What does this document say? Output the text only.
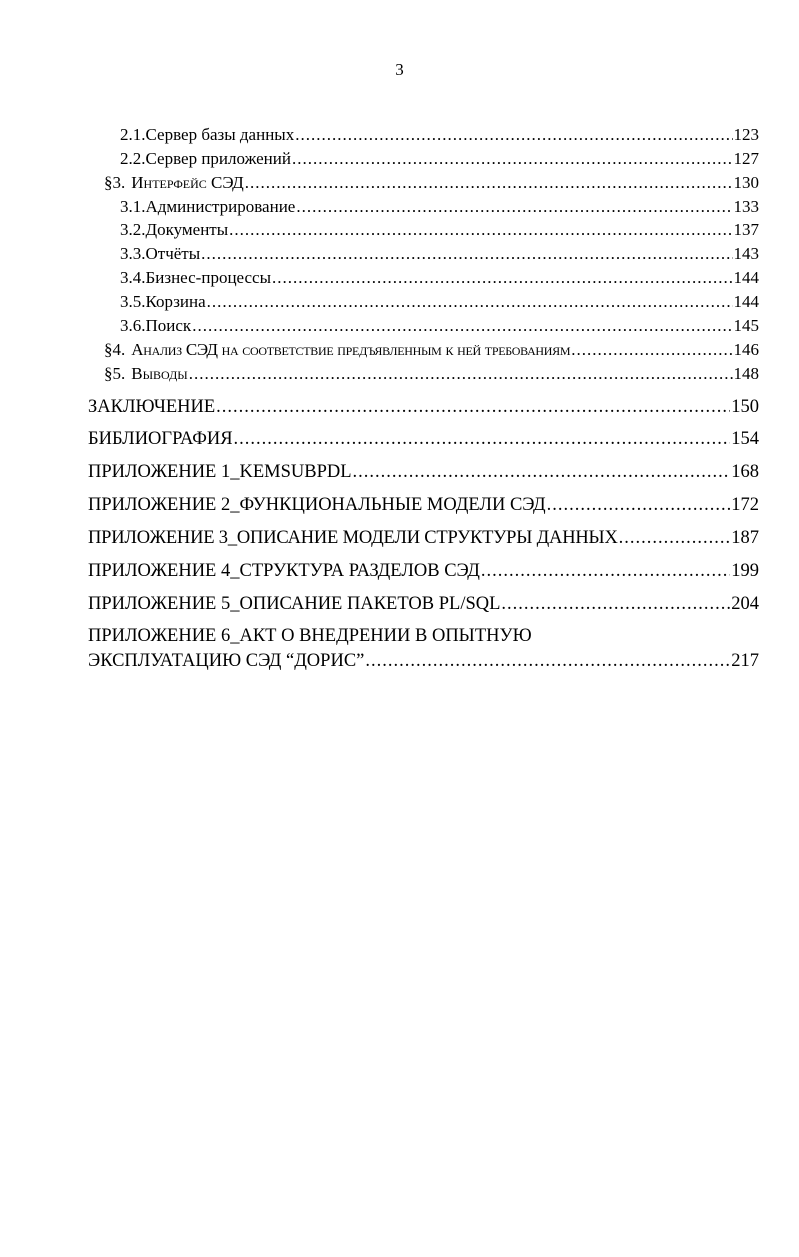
3
2.1. Сервер базы данных .....	123
2.2. Сервер приложений .....	127
§3. Интерфейс СЭД .....	130
3.1. Администрирование .....	133
3.2. Документы .....	137
3.3. Отчёты .....	143
3.4. Бизнес-процессы .....	144
3.5. Корзина .....	144
3.6. Поиск .....	145
§4. Анализ СЭД на соответствие предъявленным к ней требованиям .....	146
§5. Выводы .....	148
ЗАКЛЮЧЕНИЕ .....	150
БИБЛИОГРАФИЯ .....	154
ПРИЛОЖЕНИЕ 1_KEMSUBPDL .....	168
ПРИЛОЖЕНИЕ 2_ФУНКЦИОНАЛЬНЫЕ МОДЕЛИ СЭД .....	172
ПРИЛОЖЕНИЕ 3_ОПИСАНИЕ МОДЕЛИ СТРУКТУРЫ ДАННЫХ .....	187
ПРИЛОЖЕНИЕ 4_СТРУКТУРА РАЗДЕЛОВ СЭД .....	199
ПРИЛОЖЕНИЕ 5_ОПИСАНИЕ ПАКЕТОВ PL/SQL .....	204
ПРИЛОЖЕНИЕ 6_АКТ О ВНЕДРЕНИИ В ОПЫТНУЮ
ЭКСПЛУАТАЦИЮ СЭД “ДОРИС” .....	217
